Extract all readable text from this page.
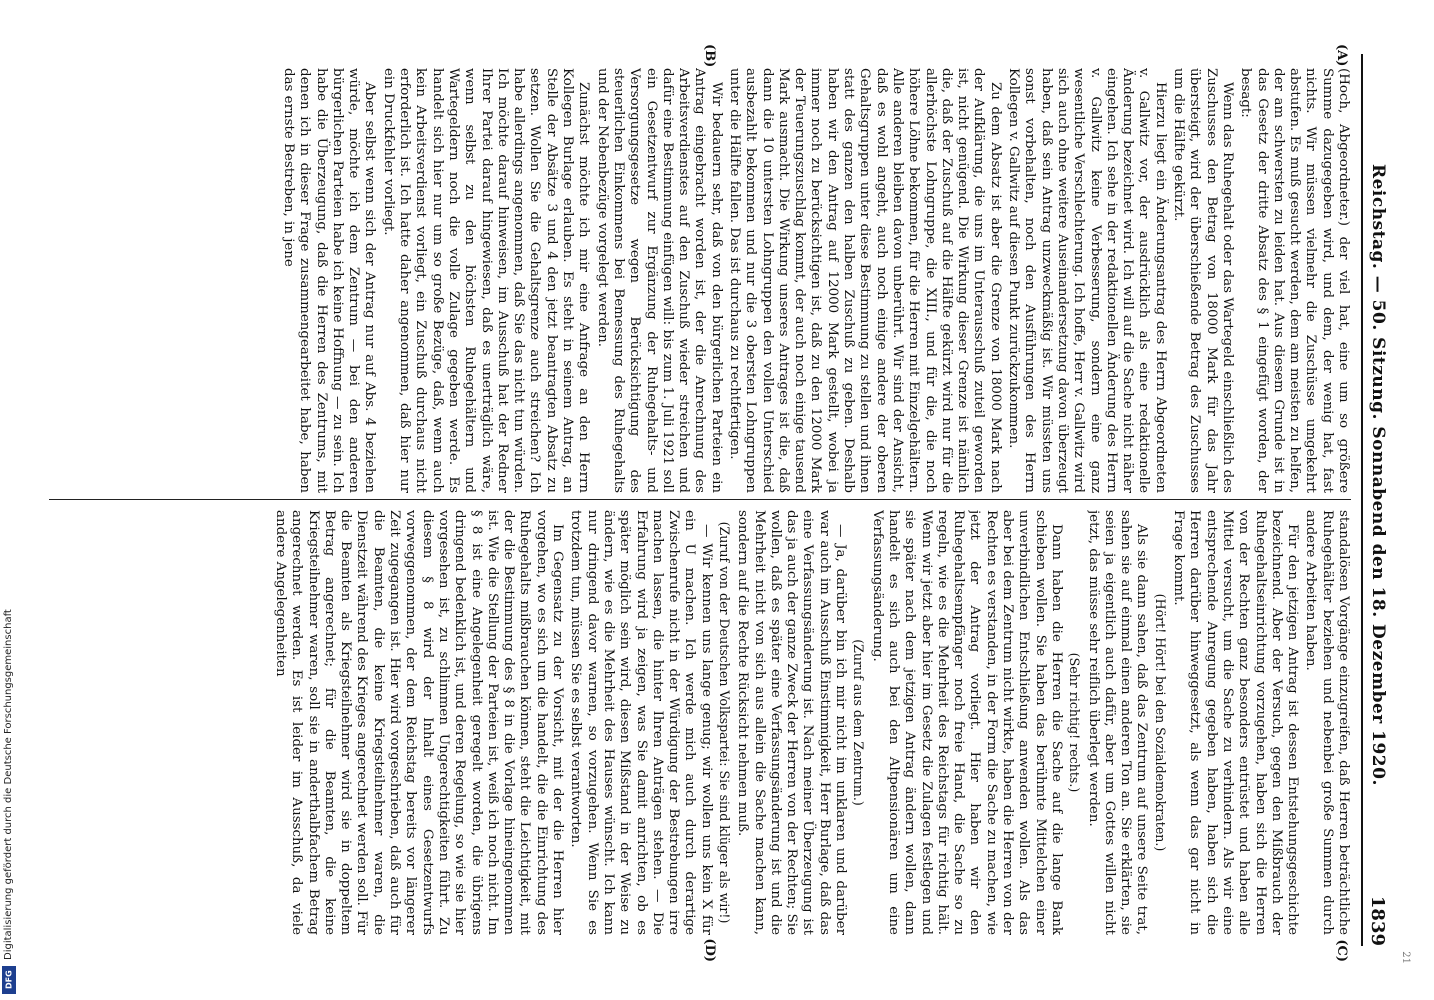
21
Reichstag. — 50. Sitzung. Sonnabend den 18. Dezember 1920.
1839
(A)
(B)
(C)
(D)

(Hoch, Abgeordneter.) der viel hat, eine um so größere Summe dazugegeben wird, und dem, der wenig hat, fast nichts. Wir müssen vielmehr die Zuschüsse umgekehrt abstufen. Es muß gesucht werden, dem am meisten zu helfen, der am schwersten zu leiden hat. Aus diesem Grunde ist in das Gesetz der dritte Absatz des § 1 eingefügt worden, der besagt:

Wenn das Ruhegehalt oder das Wartegeld einschließlich des Zuschusses den Betrag von 18000 Mark für das Jahr übersteigt, wird der überschießende Betrag des Zuschusses um die Hälfte gekürzt.

Hierzu liegt ein Änderungsantrag des Herrn Abgeordneten v. Gallwitz vor, der ausdrücklich als eine redaktionelle Änderung bezeichnet wird. Ich will auf die Sache nicht näher eingehen. Ich sehe in der redaktionellen Änderung des Herrn v. Gallwitz keine Verbesserung, sondern eine ganz wesentliche Verschlechterung. Ich hoffe, Herr v. Gallwitz wird sich auch ohne weitere Auseinandersetzung davon überzeugt haben, daß sein Antrag unzweckmäßig ist. Wir müssten uns sonst vorbehalten, noch den Ausführungen des Herrn Kollegen v. Gallwitz auf diesen Punkt zurückzukommen.

Zu dem Absatz ist aber die Grenze von 18000 Mark nach der Aufklärung, die uns im Unterausschuß zuteil geworden ist, nicht genügend. Die Wirkung dieser Grenze ist nämlich die, daß der Zuschuß auf die Hälfte gekürzt wird nur für die allerhöchste Lohngruppe, die XIII., und für die, die noch höhere Löhne bekommen, für die Herren mit Einzelgehältern. Alle anderen bleiben davon unberührt. Wir sind der Ansicht, daß es wohl angeht, auch noch einige andere der oberen Gehaltsgruppen unter diese Bestimmung zu stellen und ihnen statt des ganzen den halben Zuschuß zu geben. Deshalb haben wir den Antrag auf 12000 Mark gestellt, wobei ja immer noch zu berücksichtigen ist, daß zu den 12000 Mark der Teuerungszuschlag kommt, der auch noch einige tausend Mark ausmacht. Die Wirkung unseres Antrages ist die, daß dann die 10 untersten Lohngruppen den vollen Unterschied ausbezahlt bekommen und nur die 3 obersten Lohngruppen unter die Hälfte fallen. Das ist durchaus zu rechtfertigen.

Wir bedauern sehr, daß von den bürgerlichen Parteien ein Antrag eingebracht worden ist, der die Anrechnung des Arbeitsverdienstes auf den Zuschuß wieder streichen und dafür eine Bestimmung einfügen will: bis zum 1. Juli 1921 soll ein Gesetzentwurf zur Ergänzung der Ruhegehalts- und Versorgungsgesetze wegen Berücksichtigung des steuerlichen Einkommens bei Bemessung des Ruhegehalts und der Nebenbezüge vorgelegt werden.

Zunächst möchte ich mir eine Anfrage an den Herrn Kollegen Burlage erlauben. Es steht in seinem Antrag, an Stelle der Absätze 3 und 4 den jetzt beantragten Absatz zu setzen. Wollen Sie die Gehaltsgrenze auch streichen? Ich habe allerdings angenommen, daß Sie das nicht tun würden. Ich möchte darauf hinweisen, im Ausschuß hat der Redner Ihrer Partei darauf hingewiesen, daß es unerträglich wäre, wenn selbst zu den höchsten Ruhegehältern und Wartegeldern noch die volle Zulage gegeben werde. Es handelt sich hier nur um so große Bezüge, daß, wenn auch kein Arbeitsverdienst vorliegt, ein Zuschuß durchaus nicht erforderlich ist. Ich hatte daher angenommen, daß hier nur ein Druckfehler vorliegt.

Aber selbst wenn sich der Antrag nur auf Abs. 4 beziehen würde, möchte ich dem Zentrum — bei den anderen bürgerlichen Parteien habe ich keine Hoffnung — zu sein. Ich habe die Überzeugung, daß die Herren des Zentrums, mit denen ich in dieser Frage zusammengearbeitet habe, haben das ernste Bestreben, in jene

standalösen Vorgänge einzugreifen, daß Herren beträchtliche Ruhegehälter beziehen und nebenbei große Summen durch andere Arbeiten haben.

Für den jetzigen Antrag ist dessen Entstehungsgeschichte bezeichnend. Aber der Versuch, gegen den Mißbrauch der Ruhegehaltseinrichtung vorzugehen, haben sich die Herren von der Rechten ganz besonders entrüstet und haben alle Mittel versucht, um die Sache zu verhindern. Als wir eine entsprechende Anregung gegeben haben, haben sich die Herren darüber hinweggesetzt, als wenn das gar nicht in Frage kommt.

(Hört! Hört! bei den Sozialdemokraten.)

Als sie dann sahen, daß das Zentrum auf unsere Seite trat, sahen sie auf einmal einen anderen Ton an. Sie erklärten, sie seien ja eigentlich auch dafür, aber um Gottes willen nicht jetzt, das müsse sehr reiflich überlegt werden.

(Sehr richtig! rechts.)

Dann haben die Herren die Sache auf die lange Bank schieben wollen. Sie haben das berühmte Mittelchen einer unverbindlichen Entschließung anwenden wollen. Als das aber bei dem Zentrum nicht wirkte, haben die Herren von der Rechten es verstanden, in der Form die Sache zu machen, wie jetzt der Antrag vorliegt. Hier haben wir den Ruhegehaltsempfänger noch freie Hand, die Sache so zu regeln, wie es die Mehrheit des Reichstags für richtig hält. Wenn wir jetzt aber hier im Gesetz die Zulagen festlegen und sie später nach dem jetzigen Antrag ändern wollen, dann handelt es sich auch bei den Altpensionären um eine Verfassungsänderung.

(Zuruf aus dem Zentrum.)

— Ja, darüber bin ich mir nicht im unklaren und darüber war auch im Ausschuß Einstimmigkeit, Herr Burlage, daß das eine Verfassungsänderung ist. Nach meiner Überzeugung ist das ja auch der ganze Zweck der Herren von der Rechten; Sie wollen, daß es später eine Verfassungsänderung ist und die Mehrheit nicht von sich aus allein die Sache machen kann, sondern auf die Rechte Rücksicht nehmen muß.

(Zuruf von der Deutschen Volkspartei: Sie sind klüger als wir!)

— Wir kennen uns lange genug; wir wollen uns kein X für ein U machen. Ich werde mich auch durch derartige Zwischenrufe nicht in der Würdigung der Bestrebungen irre machen lassen, die hinter Ihren Anträgen stehen. — Die Erfahrung wird ja zeigen, was Sie damit anrichten, ob es später möglich sein wird, diesen Mißstand in der Weise zu ändern, wie es die Mehrheit des Hauses wünscht. Ich kann nur dringend davor warnen, so vorzugehen. Wenn Sie es trotzdem tun, müssen Sie es selbst verantworten.

Im Gegensatz zu der Vorsicht, mit der die Herren hier vorgehen, wo es sich um die handelt, die die Einrichtung des Ruhegehalts mißbrauchen können, steht die Leichtigkeit, mit der die Bestimmung des § 8 in die Vorlage hineingenommen ist. Wie die Stellung der Parteien ist, weiß ich noch nicht. Im § 8 ist eine Angelegenheit geregelt worden, die übrigens dringend bedenklich ist, und deren Regelung, so wie sie hier vorgesehen ist, zu schlimmen Ungerechtigkeiten führt. Zu diesem § 8 wird der Inhalt eines Gesetzentwurfs vorweggenommen, der dem Reichstag bereits vor längerer Zeit zugegangen ist. Hier wird vorgeschrieben, daß auch für die Beamten, die keine Kriegsteilnehmer waren, die Dienstzeit während des Krieges angerechnet werden soll. Für die Beamten als Kriegsteilnehmer wird sie in doppeltem Betrag angerechnet; für die Beamten, die keine Kriegsteilnehmer waren, soll sie in anderthalbfachem Betrag angerechnet werden. Es ist leider im Ausschuß, da viele andere Angelegenheiten

Digitalisierung gefördert durch die Deutsche Forschungsgemeinschaft
DFG
